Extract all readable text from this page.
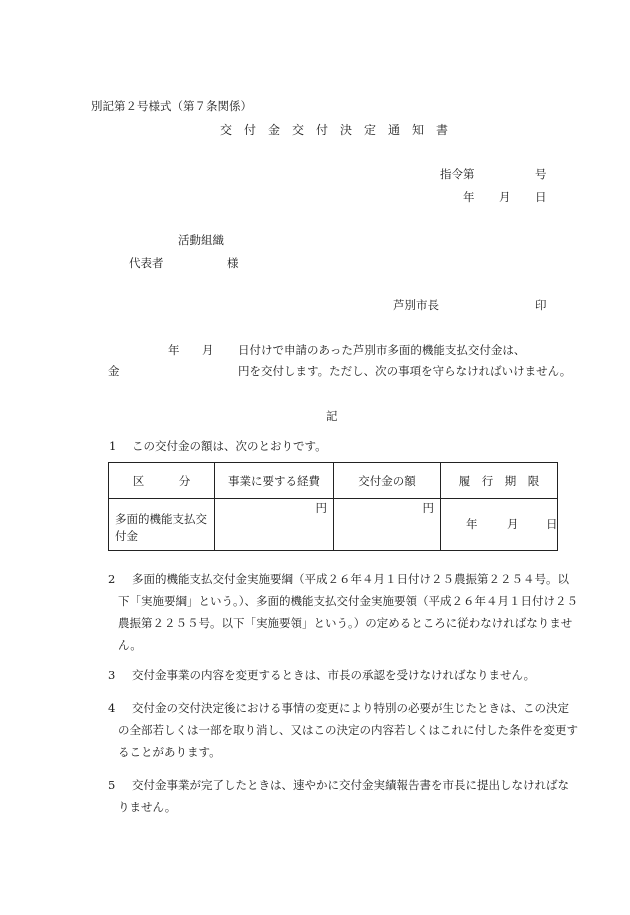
別記第２号様式（第７条関係）
交　付　金　交　付　決　定　通　知　書
指令第	号
年 月 日
活動組織
代表者	様
芦別市長	印
年 月 日付けで申請のあった芦別市多面的機能支払交付金は、
金	円を交付します。ただし、次の事項を守らなければいけません。
記
1 この交付金の額は、次のとおりです。
区　　　分	事業に要する経費	交付金の額	履　行　期　限

多面的機能支払交付金	円	円	年 月 日
2	多面的機能支払交付金実施要綱（平成２６年４月１日付け２５農振第２２５４号。以下「実施要綱」という。）、多面的機能支払交付金実施要領（平成２６年４月１日付け２５農振第２２５５号。以下「実施要領」という。）の定めるところに従わなければなりません。
3	交付金事業の内容を変更するときは、市長の承認を受けなければなりません。
4	交付金の交付決定後における事情の変更により特別の必要が生じたときは、この決定の全部若しくは一部を取り消し、又はこの決定の内容若しくはこれに付した条件を変更することがあります。
5	交付金事業が完了したときは、速やかに交付金実績報告書を市長に提出しなければなりません。
